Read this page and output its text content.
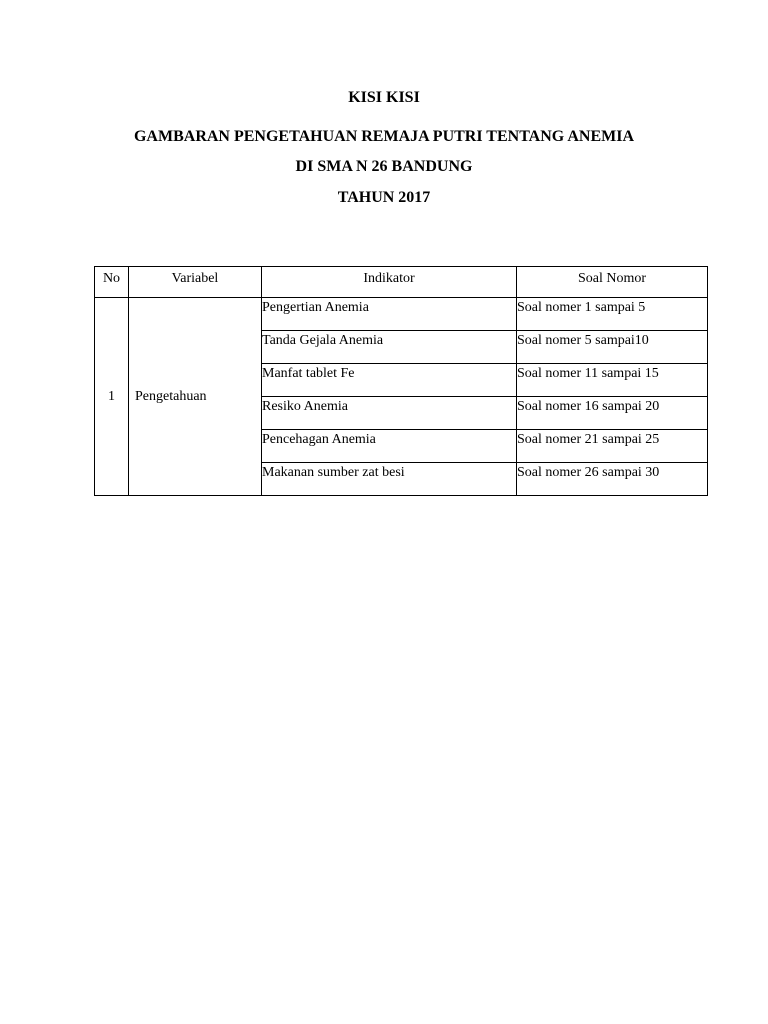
KISI KISI
GAMBARAN PENGETAHUAN REMAJA PUTRI TENTANG ANEMIA
DI SMA N 26 BANDUNG
TAHUN 2017
No	Variabel	Indikator	Soal Nomor
1	Pengetahuan	Pengertian Anemia	Soal nomer 1 sampai 5
		Tanda Gejala Anemia	Soal nomer 5 sampai10
		Manfat tablet Fe	Soal nomer 11 sampai 15
		Resiko Anemia	Soal nomer 16 sampai 20
		Pencehagan Anemia	Soal nomer 21 sampai 25
		Makanan sumber zat besi	Soal nomer 26 sampai 30
